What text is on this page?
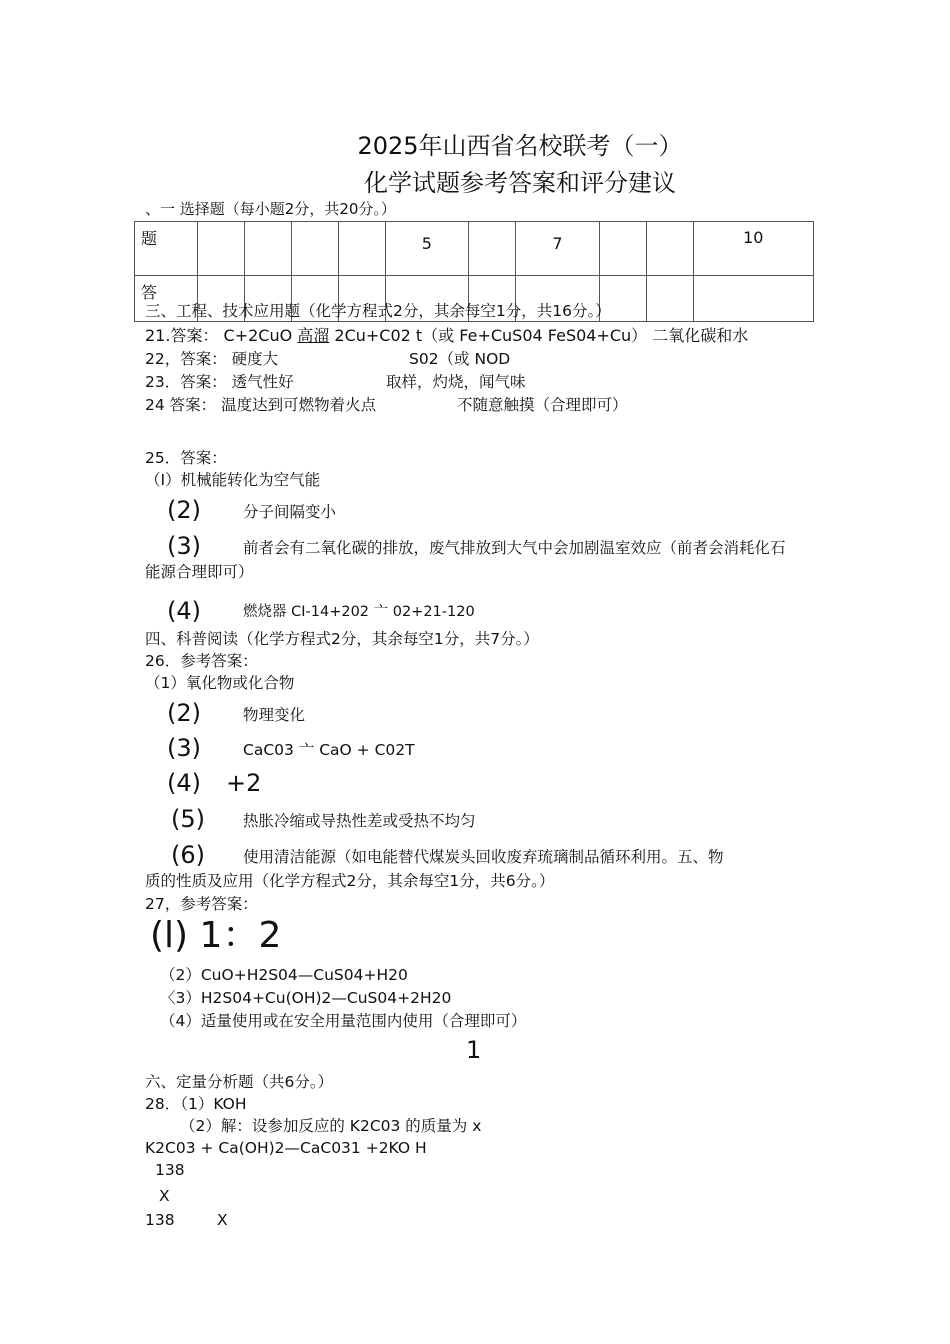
2025年山西省名校联考（一）
化学试题参考答案和评分建议
、一 选择题（每小题2分，共20分。）
题					5		7			10
答										
三、工程、技术应用题（化学方程式2分，其余每空1分，共16分。）
21.答案： C+2CuO 高溜 2Cu+C02 t（或 Fe+CuS04 FeS04+Cu） 二氧化碳和水
22，答案： 硬度大	S02（或 NOD
23．答案： 透气性好	取样，灼烧，闻气味
24 答案： 温度达到可燃物着火点	不随意触摸（合理即可）
25．答案：
（I）机械能转化为空气能
(2)	分子间隔变小
(3)	前者会有二氧化碳的排放，废气排放到大气中会加剧温室效应（前者会消耗化石
能源合理即可）
(4)	燃烧器 CI-14+202 亠 02+21-120
四、科普阅读（化学方程式2分，其余每空1分，共7分。）
26．参考答案：
（1）氧化物或化合物
(2)	物理变化
(3)	CaC03 亠 CaO + C02T
(4) +2
(5) 热胀冷缩或导热性差或受热不均匀
(6) 使用清洁能源（如电能替代煤炭头回收废弃琉璃制品循环利用。五、物
质的性质及应用（化学方程式2分，其余每空1分，共6分。）
27，参考答案：
(l) 1：2
（2）CuO+H2S04—CuS04+H20
〈3）H2S04+Cu(OH)2—CuS04+2H20
（4）适量使用或在安全用量范围内使用（合理即可）
1
六、定量分析题（共6分。）
28．（1）KOH
（2）解：设参加反应的 K2C03 的质量为 x
K2C03 + Ca(OH)2—CaC031 +2KO H
138
X
138	X
